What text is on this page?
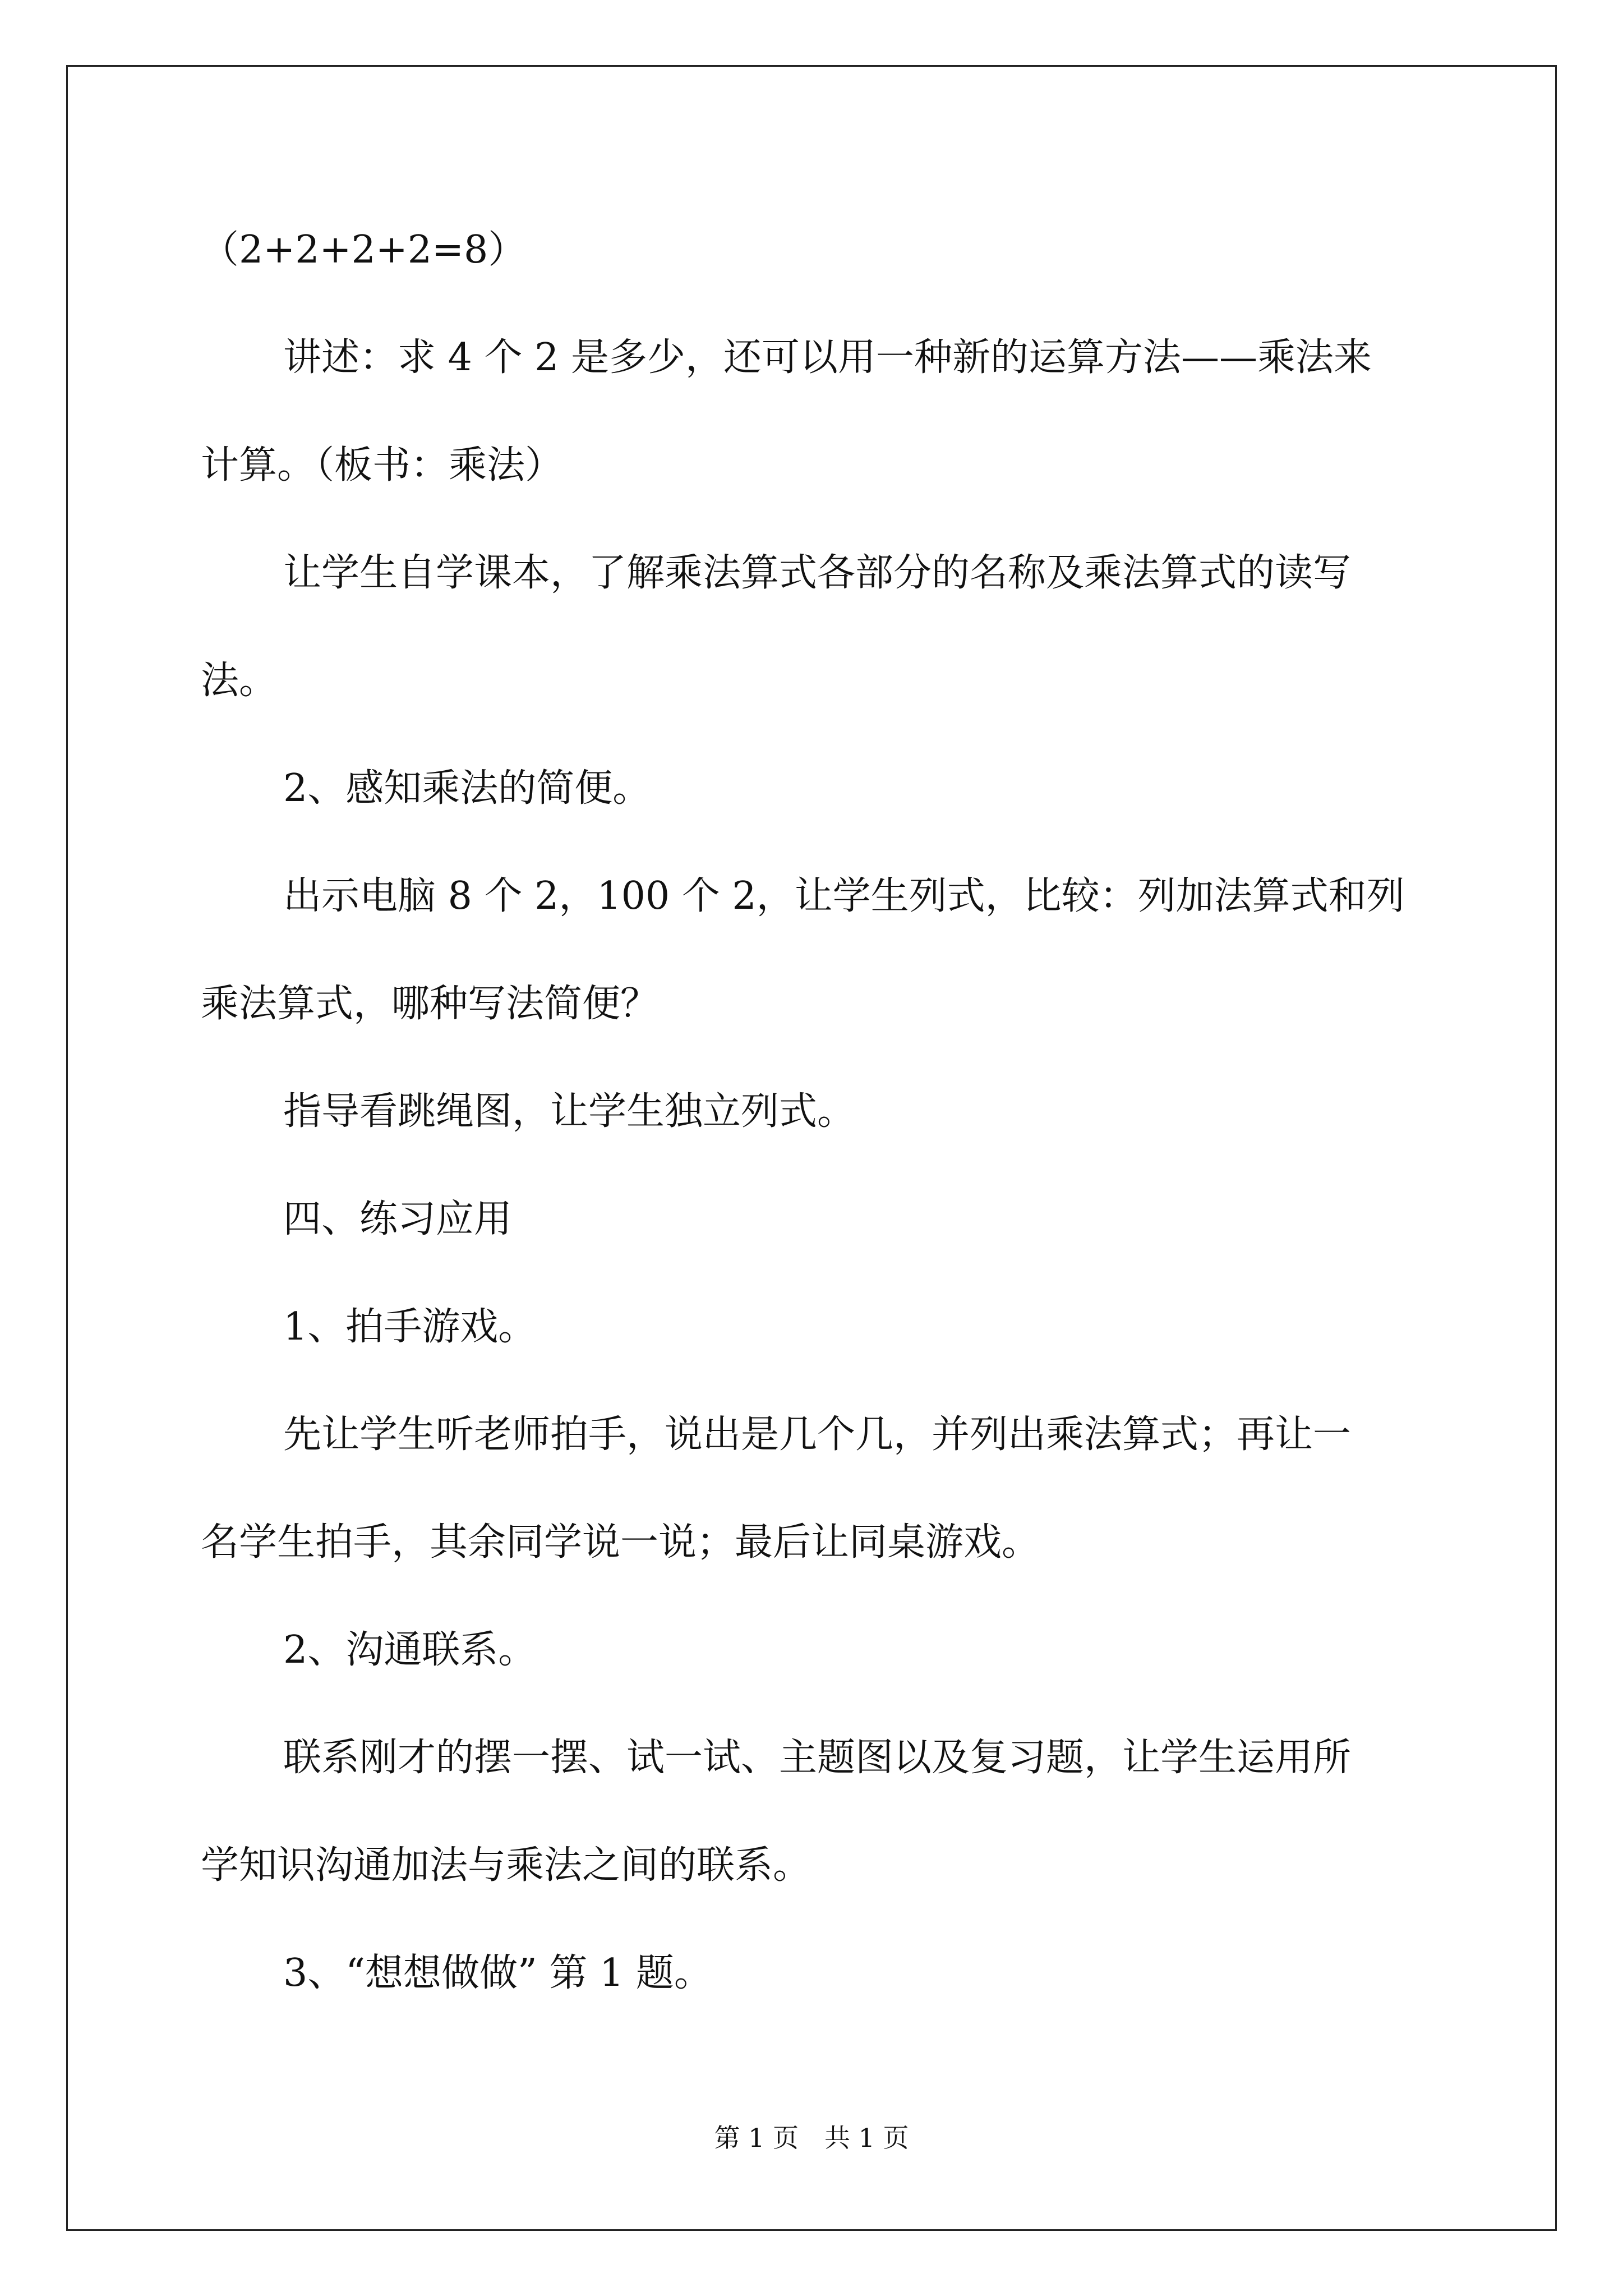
（2+2+2+2=8）
讲述：求 4 个 2 是多少，还可以用一种新的运算方法——乘法来
计算。（板书：乘法）
让学生自学课本，了解乘法算式各部分的名称及乘法算式的读写
法。
2、感知乘法的简便。
出示电脑 8 个 2，100 个 2，让学生列式，比较：列加法算式和列
乘法算式，哪种写法简便？
指导看跳绳图，让学生独立列式。
四、练习应用
1、拍手游戏。
先让学生听老师拍手，说出是几个几，并列出乘法算式；再让一
名学生拍手，其余同学说一说；最后让同桌游戏。
2、沟通联系。
联系刚才的摆一摆、试一试、主题图以及复习题，让学生运用所
学知识沟通加法与乘法之间的联系。
3、“想想做做” 第 1 题。
第 1 页　共 1 页
